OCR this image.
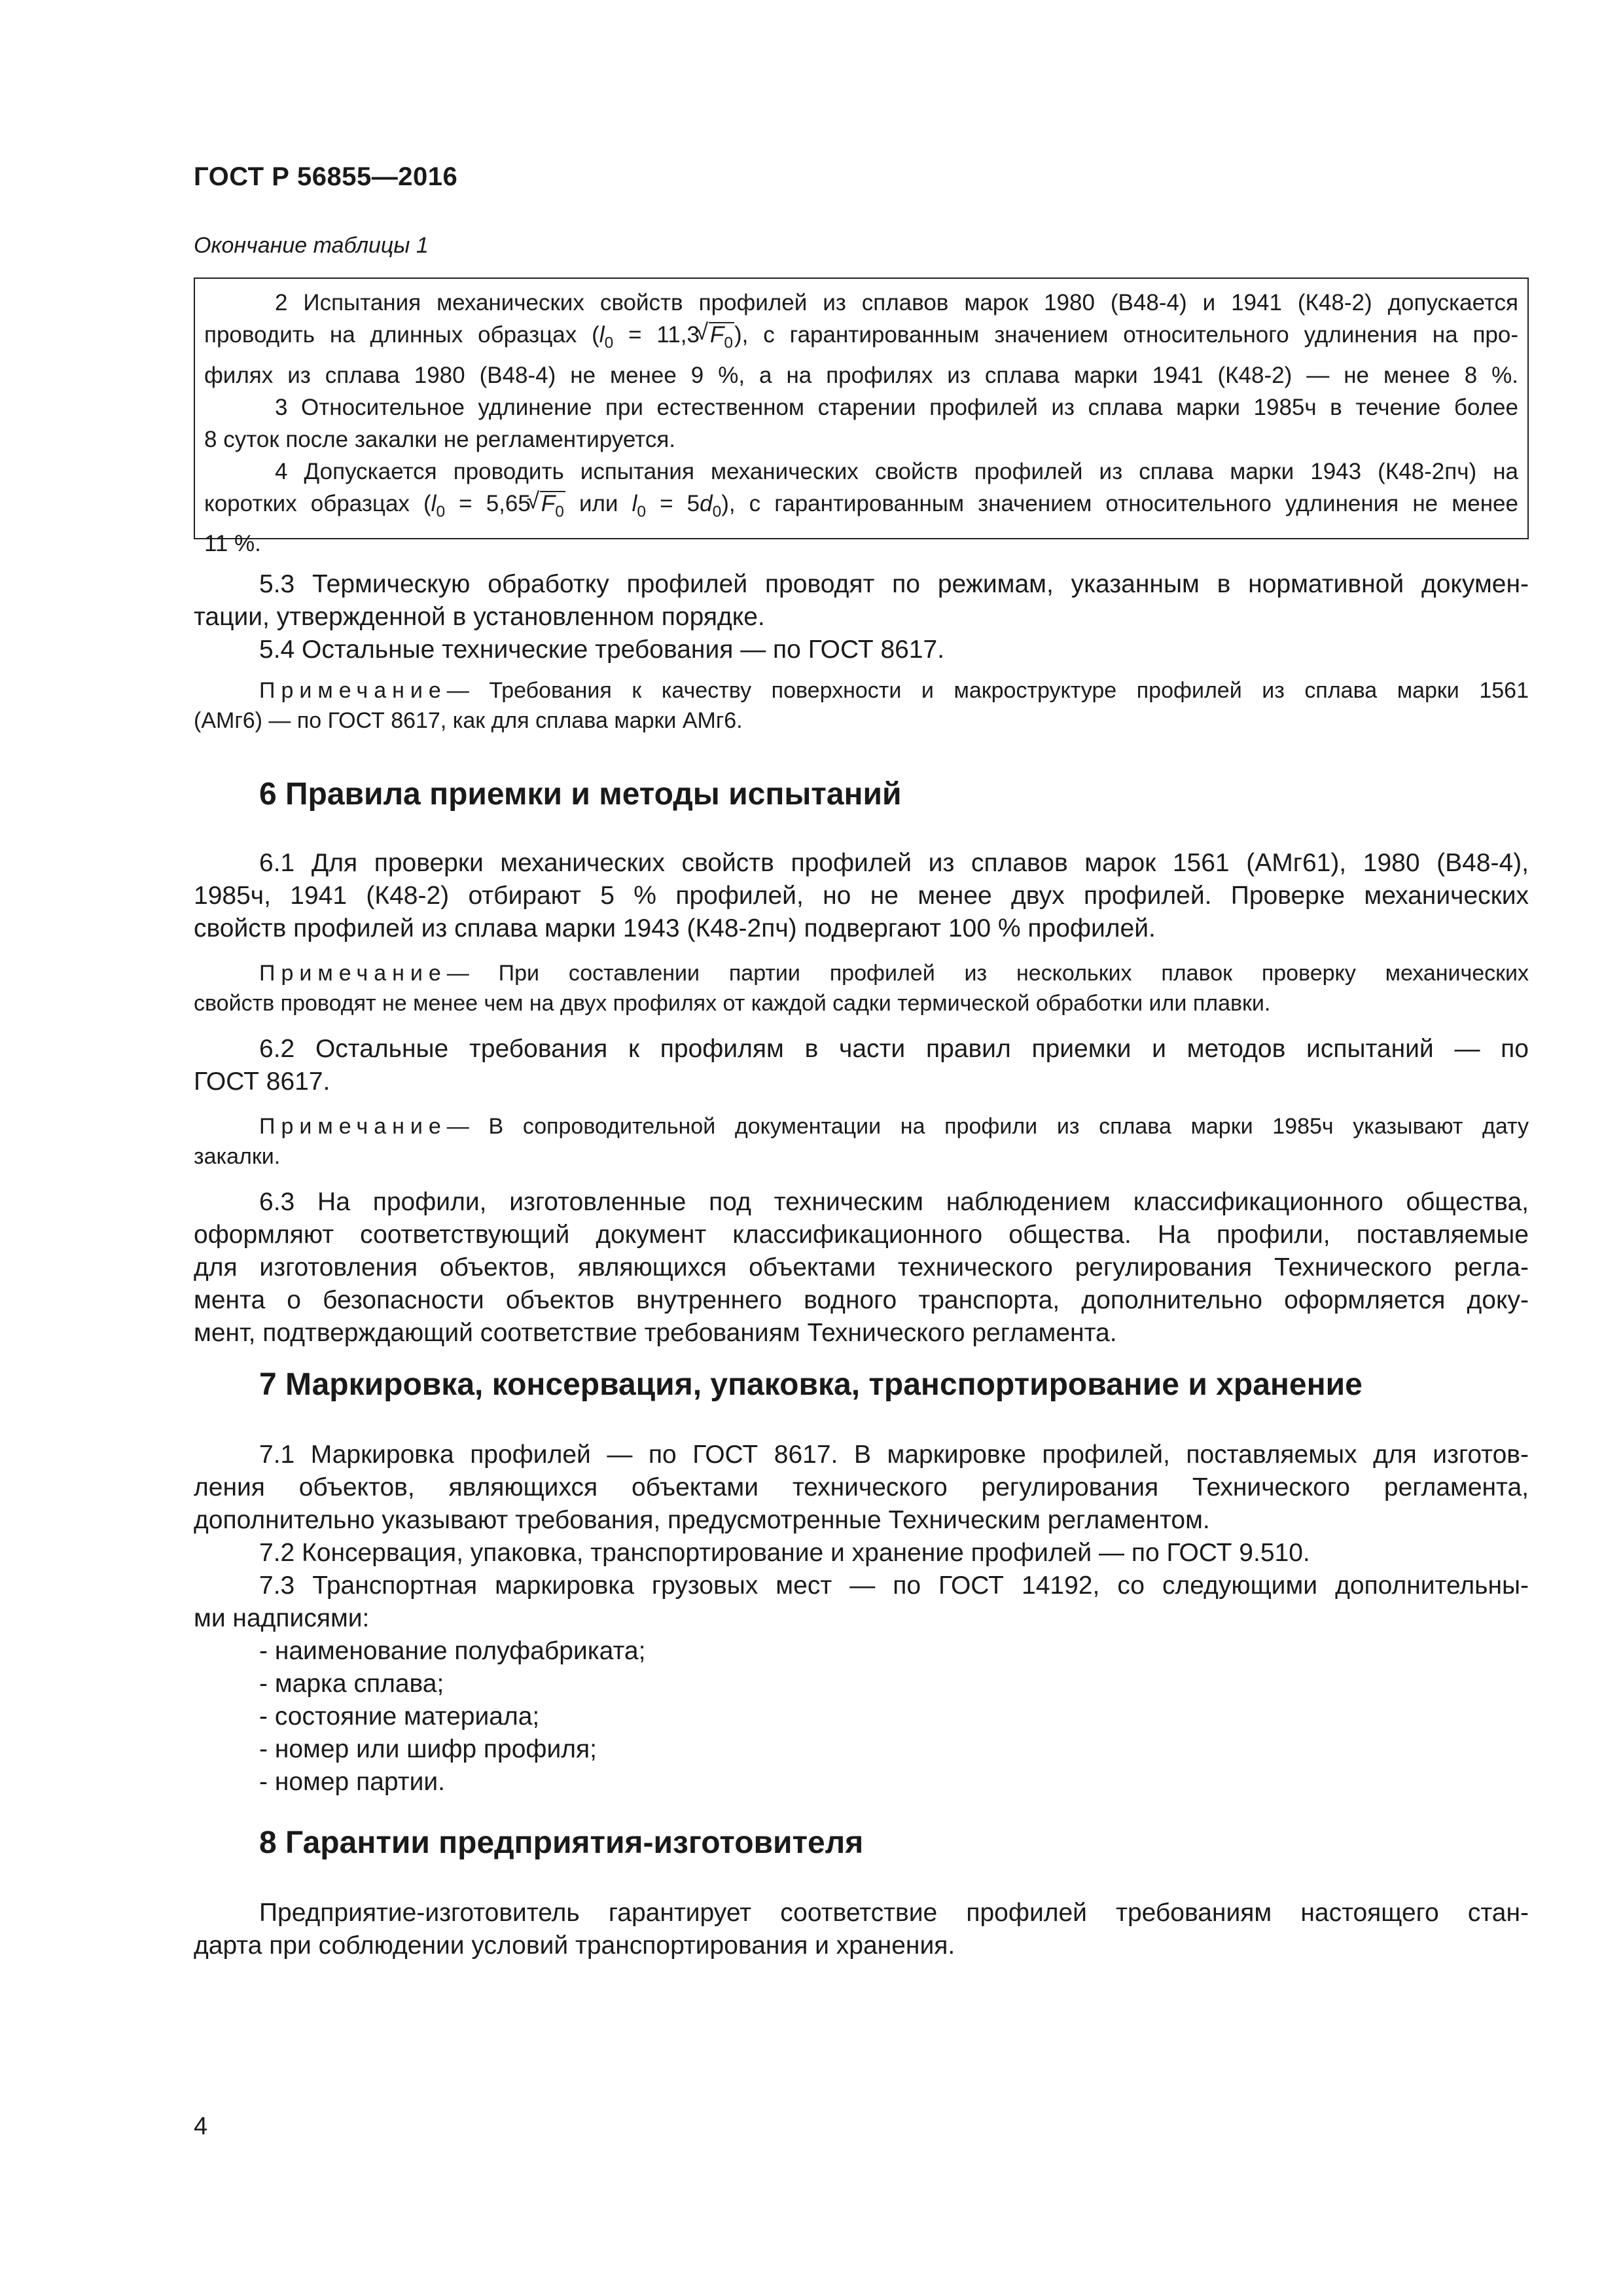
ГОСТ Р 56855—2016
Окончание таблицы 1
2 Испытания механических свойств профилей из сплавов марок 1980 (В48-4) и 1941 (К48-2) допускается
проводить на длинных образцах ($l_0 = 11,3√$ $F_0$), с гарантированным значением относительного удлинения на про-
филях из сплава 1980 (В48-4) не менее 9 %, а на профилях из сплава марки 1941 (К48-2) — не менее 8 %.
3 Относительное удлинение при естественном старении профилей из сплава марки 1985ч в течение более
8 суток после закалки не регламентируется.
4 Допускается проводить испытания механических свойств профилей из сплава марки 1943 (К48-2пч) на
коротких образцах ($l_0 = 5,65√$ $F_0$ или $l_0 = 5d_0$), с гарантированным значением относительного удлинения не менее
11 %.
5.3 Термическую обработку профилей проводят по режимам, указанным в нормативной докумен-
тации, утвержденной в установленном порядке.
5.4 Остальные технические требования — по ГОСТ 8617.
Примечание— Требования к качеству поверхности и макроструктуре профилей из сплава марки 1561
(АМг6) — по ГОСТ 8617, как для сплава марки АМг6.
6 Правила приемки и методы испытаний
6.1 Для проверки механических свойств профилей из сплавов марок 1561 (АМг61), 1980 (В48-4),
1985ч, 1941 (К48-2) отбирают 5 % профилей, но не менее двух профилей. Проверке механических
свойств профилей из сплава марки 1943 (К48-2пч) подвергают 100 % профилей.
Примечание— При составлении партии профилей из нескольких плавок проверку механических
свойств проводят не менее чем на двух профилях от каждой садки термической обработки или плавки.
6.2 Остальные требования к профилям в части правил приемки и методов испытаний — по
ГОСТ 8617.
Примечание— В сопроводительной документации на профили из сплава марки 1985ч указывают дату
закалки.
6.3 На профили, изготовленные под техническим наблюдением классификационного общества,
оформляют соответствующий документ классификационного общества. На профили, поставляемые
для изготовления объектов, являющихся объектами технического регулирования Технического регла-
мента о безопасности объектов внутреннего водного транспорта, дополнительно оформляется доку-
мент, подтверждающий соответствие требованиям Технического регламента.
7 Маркировка, консервация, упаковка, транспортирование и хранение
7.1 Маркировка профилей — по ГОСТ 8617. В маркировке профилей, поставляемых для изготов-
ления объектов, являющихся объектами технического регулирования Технического регламента,
дополнительно указывают требования, предусмотренные Техническим регламентом.
7.2 Консервация, упаковка, транспортирование и хранение профилей — по ГОСТ 9.510.
7.3 Транспортная маркировка грузовых мест — по ГОСТ 14192, со следующими дополнительны-
ми надписями:
- наименование полуфабриката;
- марка сплава;
- состояние материала;
- номер или шифр профиля;
- номер партии.
8 Гарантии предприятия-изготовителя
Предприятие-изготовитель гарантирует соответствие профилей требованиям настоящего стан-
дарта при соблюдении условий транспортирования и хранения.
4
